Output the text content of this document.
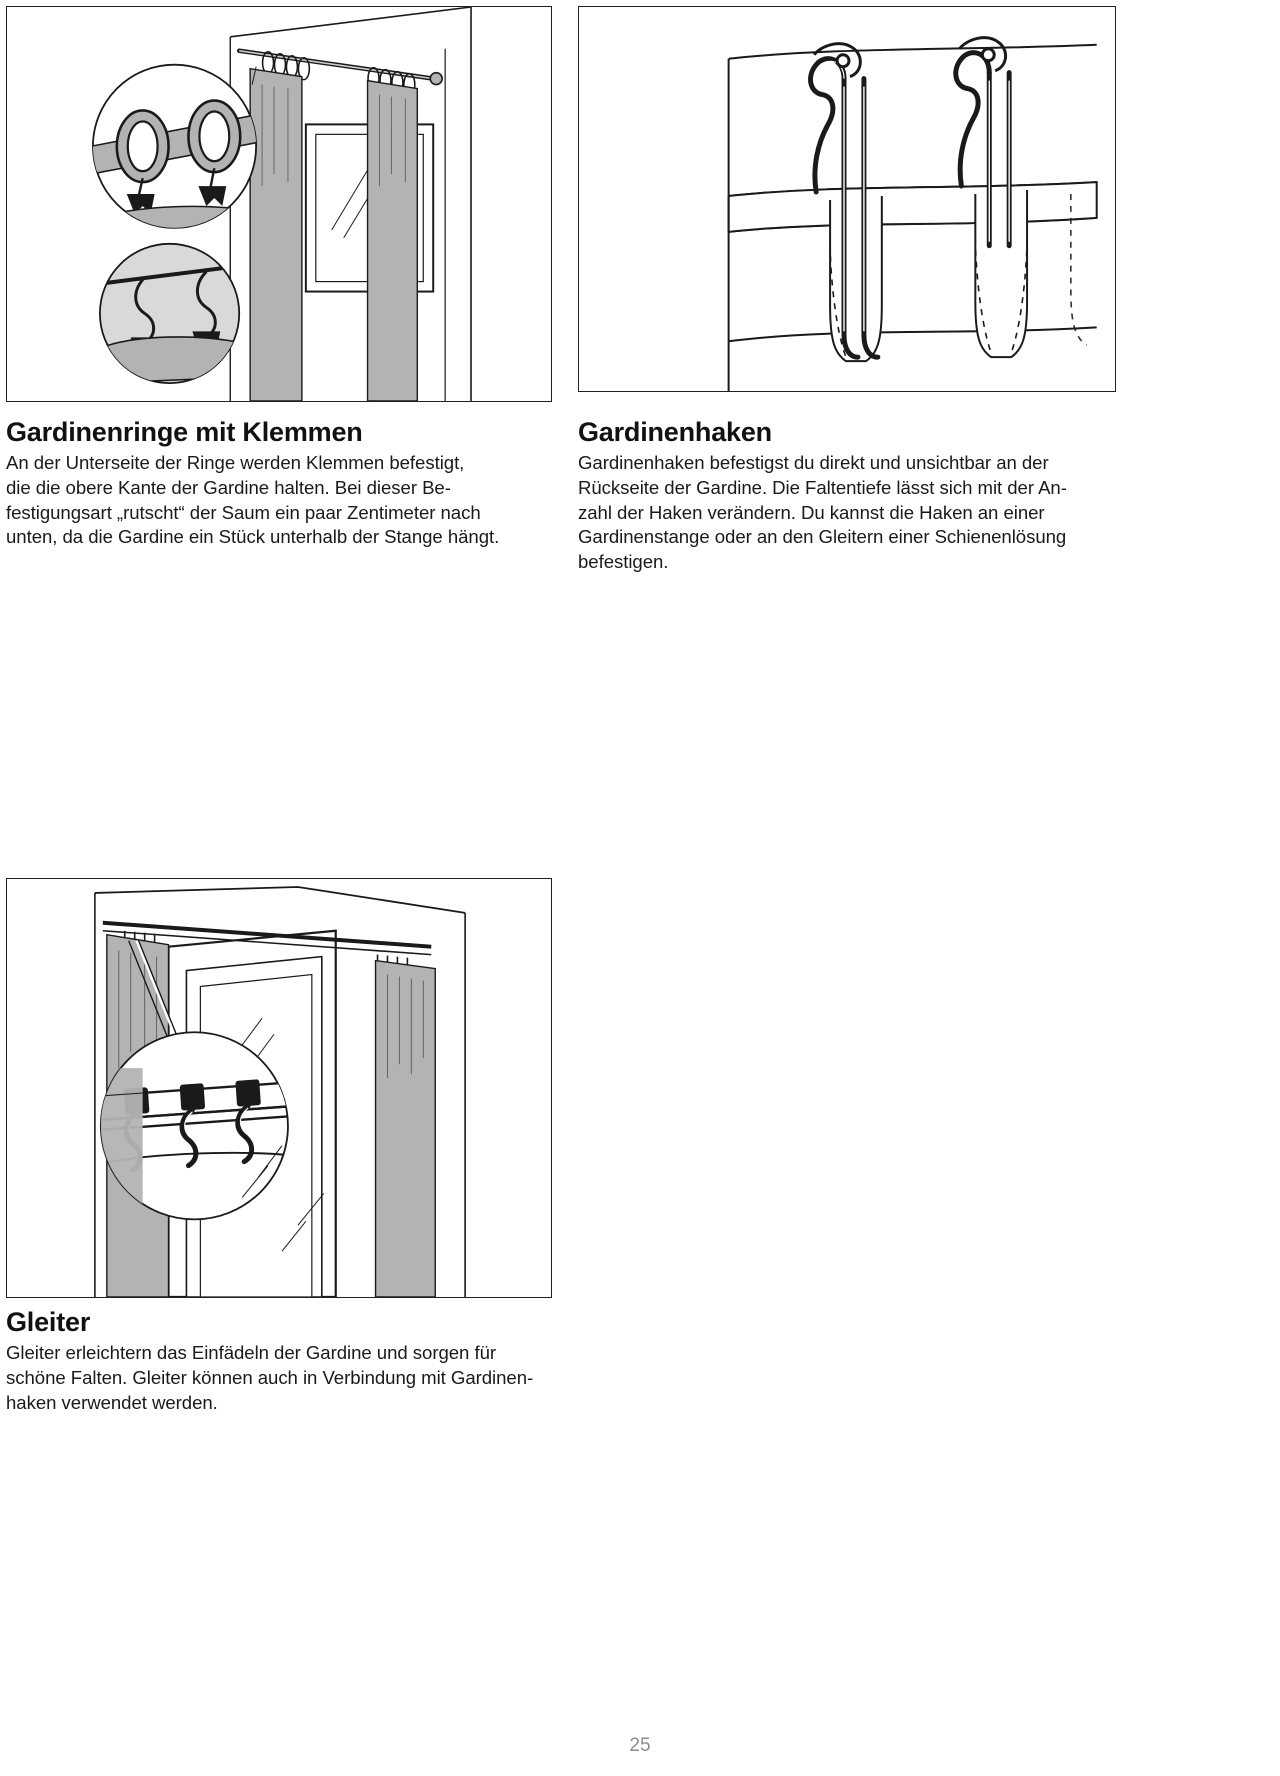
Gardinenringe mit Klemmen

An der Unterseite der Ringe werden Klemmen befestigt,
die die obere Kante der Gardine halten. Bei dieser Be-
festigungsart „rutscht“ der Saum ein paar Zentimeter nach
unten, da die Gardine ein Stück unterhalb der Stange hängt.

Gardinenhaken

Gardinenhaken befestigst du direkt und unsichtbar an der
Rückseite der Gardine. Die Faltentiefe lässt sich mit der An-
zahl der Haken verändern. Du kannst die Haken an einer
Gardinenstange oder an den Gleitern einer Schienenlösung
befestigen.

Gleiter

Gleiter erleichtern das Einfädeln der Gardine und sorgen für
schöne Falten. Gleiter können auch in Verbindung mit Gardinen-
haken verwendet werden.

25
